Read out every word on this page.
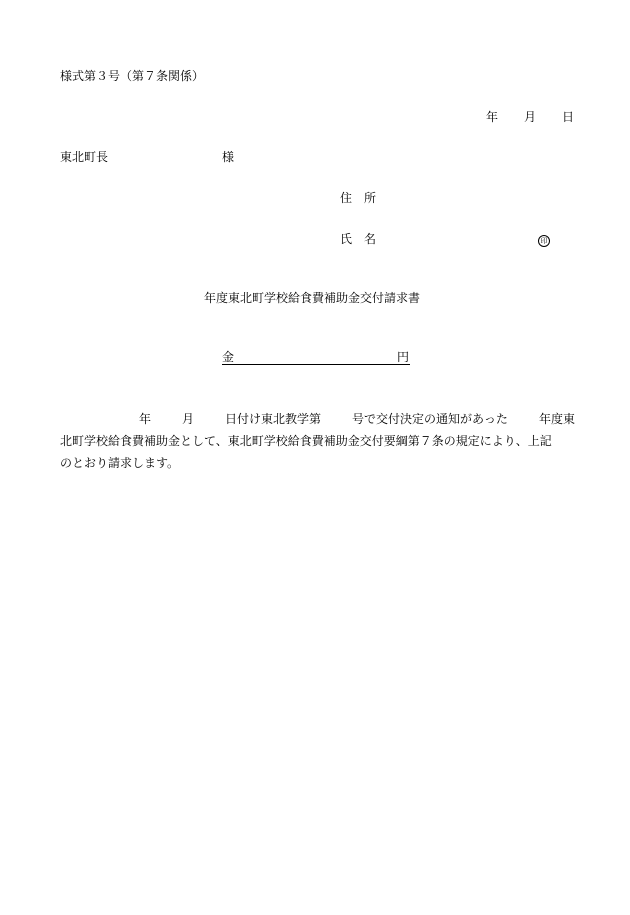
様式第３号（第７条関係）
年 月 日
東北町長	様
住　所
氏　名	印
年度東北町学校給食費補助金交付請求書
金	円
年	月	日付け東北教学第	号で交付決定の通知があった	年度東
北町学校給食費補助金として、東北町学校給食費補助金交付要綱第７条の規定により、上記
のとおり請求します。
